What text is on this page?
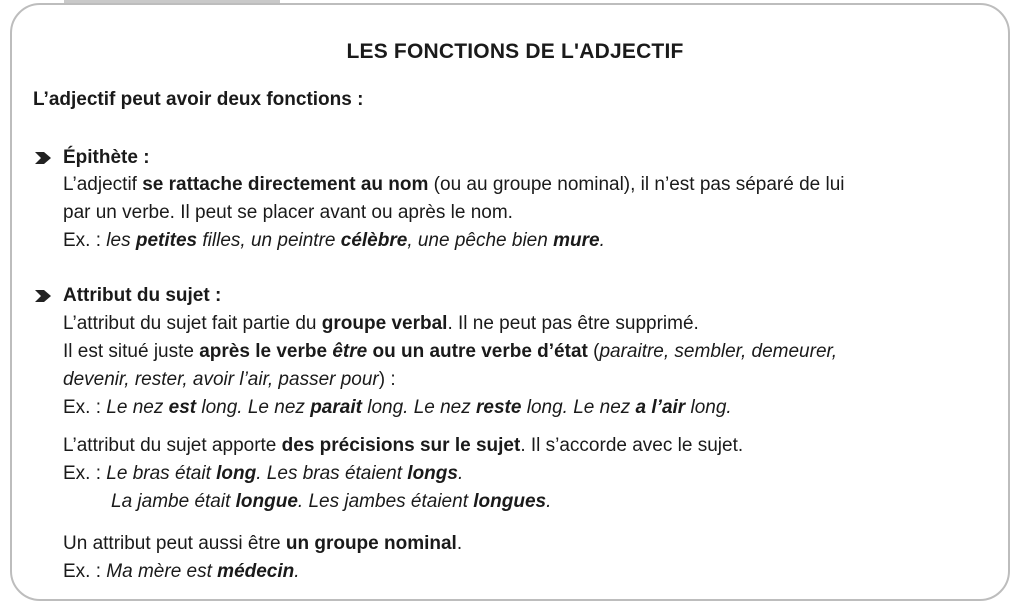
LES FONCTIONS DE L'ADJECTIF
L’adjectif peut avoir deux fonctions :
Épithète :
L’adjectif se rattache directement au nom (ou au groupe nominal), il n’est pas séparé de lui
par un verbe. Il peut se placer avant ou après le nom.
Ex. : les petites filles, un peintre célèbre, une pêche bien mure.
Attribut du sujet :
L’attribut du sujet fait partie du groupe verbal. Il ne peut pas être supprimé.
Il est situé juste après le verbe être ou un autre verbe d’état (paraitre, sembler, demeurer,
devenir, rester, avoir l’air, passer pour) :
Ex. : Le nez est long. Le nez parait long. Le nez reste long. Le nez a l’air long.
L’attribut du sujet apporte des précisions sur le sujet. Il s’accorde avec le sujet.
Ex. : Le bras était long. Les bras étaient longs.
La jambe était longue. Les jambes étaient longues.
Un attribut peut aussi être un groupe nominal.
Ex. : Ma mère est médecin.
